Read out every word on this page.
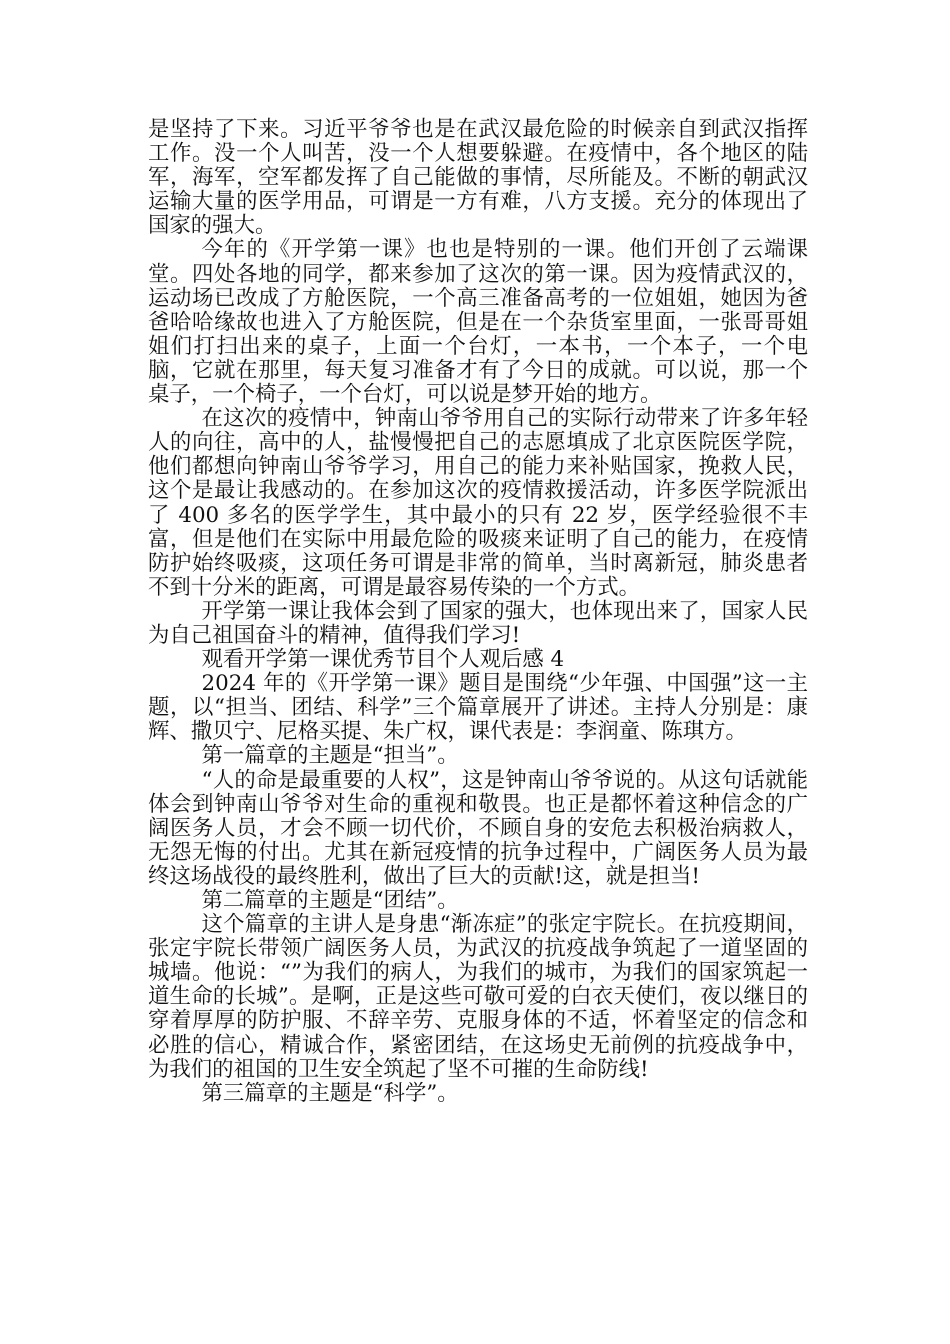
是坚持了下来。习近平爷爷也是在武汉最危险的时候亲自到武汉指挥工作。没一个人叫苦，没一个人想要躲避。在疫情中，各个地区的陆军，海军，空军都发挥了自己能做的事情，尽所能及。不断的朝武汉运输大量的医学用品，可谓是一方有难，八方支援。充分的体现出了国家的强大。

今年的《开学第一课》也也是特别的一课。他们开创了云端课堂。四处各地的同学，都来参加了这次的第一课。因为疫情武汉的，运动场已改成了方舱医院，一个高三准备高考的一位姐姐，她因为爸爸哈哈缘故也进入了方舱医院，但是在一个杂货室里面，一张哥哥姐姐们打扫出来的桌子，上面一个台灯，一本书，一个本子，一个电脑，它就在那里，每天复习准备才有了今日的成就。可以说，那一个桌子，一个椅子，一个台灯，可以说是梦开始的地方。

在这次的疫情中，钟南山爷爷用自己的实际行动带来了许多年轻人的向往，高中的人，盐慢慢把自己的志愿填成了北京医院医学院，他们都想向钟南山爷爷学习，用自己的能力来补贴国家，挽救人民，这个是最让我感动的。在参加这次的疫情救援活动，许多医学院派出了 400 多名的医学学生，其中最小的只有 22 岁，医学经验很不丰富，但是他们在实际中用最危险的吸痰来证明了自己的能力，在疫情防护始终吸痰，这项任务可谓是非常的简单，当时离新冠，肺炎患者不到十分米的距离，可谓是最容易传染的一个方式。

开学第一课让我体会到了国家的强大，也体现出来了，国家人民为自己祖国奋斗的精神，值得我们学习!

观看开学第一课优秀节目个人观后感 4

2024 年的《开学第一课》题目是围绕“少年强、中国强”这一主题，以“担当、团结、科学”三个篇章展开了讲述。主持人分别是：康辉、撒贝宁、尼格买提、朱广权，课代表是：李润童、陈琪方。

第一篇章的主题是“担当”。

“人的命是最重要的人权”，这是钟南山爷爷说的。从这句话就能体会到钟南山爷爷对生命的重视和敬畏。也正是都怀着这种信念的广阔医务人员，才会不顾一切代价，不顾自身的安危去积极治病救人，无怨无悔的付出。尤其在新冠疫情的抗争过程中，广阔医务人员为最终这场战役的最终胜利，做出了巨大的贡献!这，就是担当!

第二篇章的主题是“团结”。

这个篇章的主讲人是身患“渐冻症”的张定宇院长。在抗疫期间，张定宇院长带领广阔医务人员，为武汉的抗疫战争筑起了一道坚固的城墙。他说：“”为我们的病人，为我们的城市，为我们的国家筑起一道生命的长城”。是啊，正是这些可敬可爱的白衣天使们，夜以继日的穿着厚厚的防护服、不辞辛劳、克服身体的不适，怀着坚定的信念和必胜的信心，精诚合作，紧密团结，在这场史无前例的抗疫战争中，为我们的祖国的卫生安全筑起了坚不可摧的生命防线!

第三篇章的主题是“科学”。
